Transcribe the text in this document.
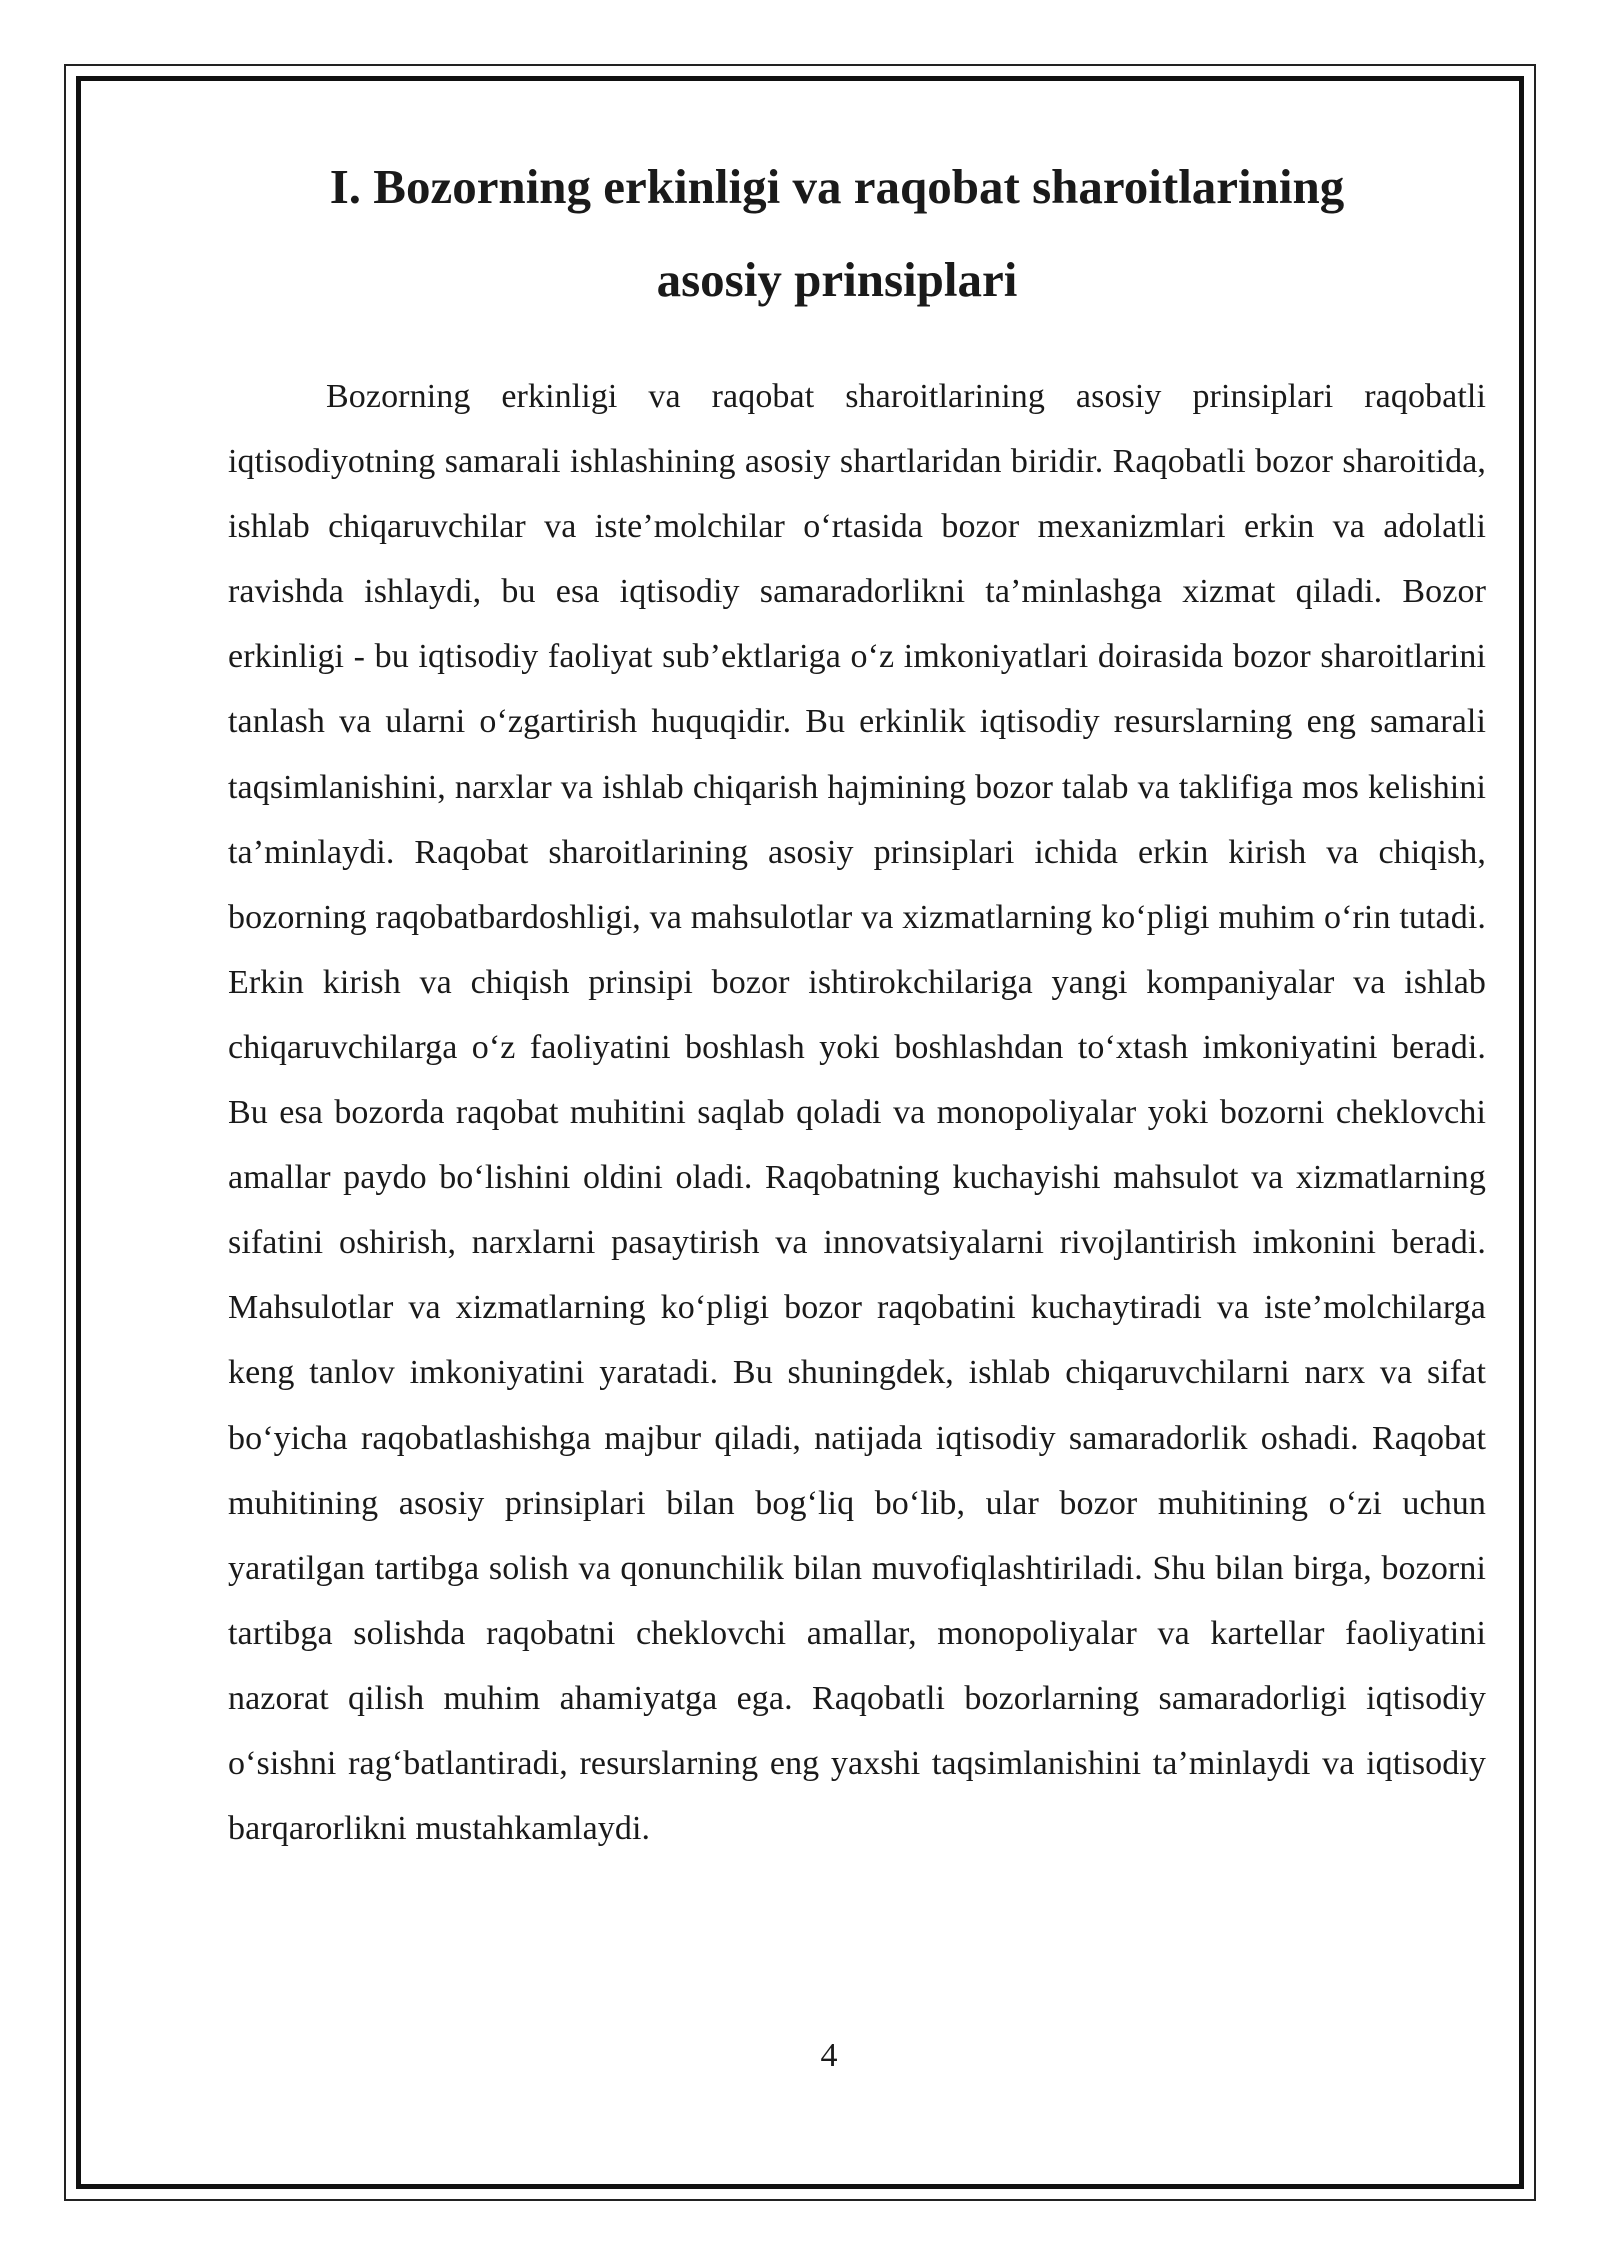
I. Bozorning erkinligi va raqobat sharoitlarining
asosiy prinsiplari

Bozorning erkinligi va raqobat sharoitlarining asosiy prinsiplari raqobatli iqtisodiyotning samarali ishlashining asosiy shartlaridan biridir. Raqobatli bozor sharoitida, ishlab chiqaruvchilar va iste’molchilar o‘rtasida bozor mexanizmlari erkin va adolatli ravishda ishlaydi, bu esa iqtisodiy samaradorlikni ta’minlashga xizmat qiladi. Bozor erkinligi - bu iqtisodiy faoliyat sub’ektlariga o‘z imkoniyatlari doirasida bozor sharoitlarini tanlash va ularni o‘zgartirish huquqidir. Bu erkinlik iqtisodiy resurslarning eng samarali taqsimlanishini, narxlar va ishlab chiqarish hajmining bozor talab va taklifiga mos kelishini ta’minlaydi. Raqobat sharoitlarining asosiy prinsiplari ichida erkin kirish va chiqish, bozorning raqobatbardoshligi, va mahsulotlar va xizmatlarning ko‘pligi muhim o‘rin tutadi. Erkin kirish va chiqish prinsipi bozor ishtirokchilariga yangi kompaniyalar va ishlab chiqaruvchilarga o‘z faoliyatini boshlash yoki boshlashdan to‘xtash imkoniyatini beradi. Bu esa bozorda raqobat muhitini saqlab qoladi va monopoliyalar yoki bozorni cheklovchi amallar paydo bo‘lishini oldini oladi. Raqobatning kuchayishi mahsulot va xizmatlarning sifatini oshirish, narxlarni pasaytirish va innovatsiyalarni rivojlantirish imkonini beradi. Mahsulotlar va xizmatlarning ko‘pligi bozor raqobatini kuchaytiradi va iste’molchilarga keng tanlov imkoniyatini yaratadi. Bu shuningdek, ishlab chiqaruvchilarni narx va sifat bo‘yicha raqobatlashishga majbur qiladi, natijada iqtisodiy samaradorlik oshadi. Raqobat muhitining asosiy prinsiplari bilan bog‘liq bo‘lib, ular bozor muhitining o‘zi uchun yaratilgan tartibga solish va qonunchilik bilan muvofiqlashtiriladi. Shu bilan birga, bozorni tartibga solishda raqobatni cheklovchi amallar, monopoliyalar va kartellar faoliyatini nazorat qilish muhim ahamiyatga ega. Raqobatli bozorlarning samaradorligi iqtisodiy o‘sishni rag‘batlantiradi, resurslarning eng yaxshi taqsimlanishini ta’minlaydi va iqtisodiy barqarorlikni mustahkamlaydi.

4
